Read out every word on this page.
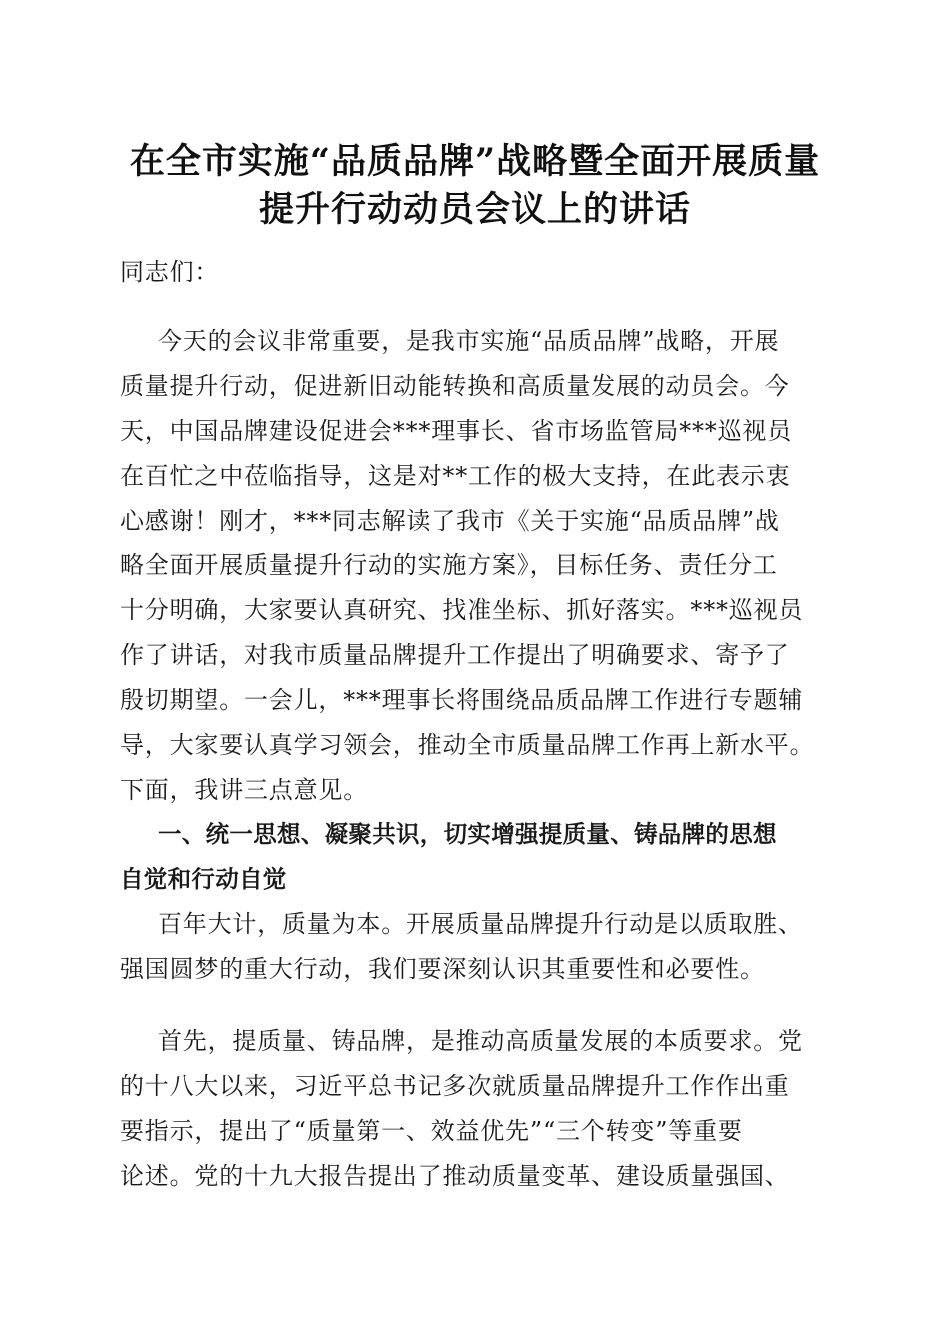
在全市实施“品质品牌”战略暨全面开展质量
提升行动动员会议上的讲话
同志们：
今天的会议非常重要，是我市实施“品质品牌”战略，开展
质量提升行动，促进新旧动能转换和高质量发展的动员会。今
天，中国品牌建设促进会***理事长、省市场监管局***巡视员
在百忙之中莅临指导，这是对**工作的极大支持，在此表示衷
心感谢！刚才，***同志解读了我市《关于实施“品质品牌”战
略全面开展质量提升行动的实施方案》，目标任务、责任分工
十分明确，大家要认真研究、找准坐标、抓好落实。***巡视员
作了讲话，对我市质量品牌提升工作提出了明确要求、寄予了
殷切期望。一会儿，***理事长将围绕品质品牌工作进行专题辅
导，大家要认真学习领会，推动全市质量品牌工作再上新水平。
下面，我讲三点意见。
一、统一思想、凝聚共识，切实增强提质量、铸品牌的思想
自觉和行动自觉
百年大计，质量为本。开展质量品牌提升行动是以质取胜、
强国圆梦的重大行动，我们要深刻认识其重要性和必要性。
首先，提质量、铸品牌，是推动高质量发展的本质要求。党
的十八大以来，习近平总书记多次就质量品牌提升工作作出重
要指示，提出了“质量第一、效益优先”“三个转变”等重要
论述。党的十九大报告提出了推动质量变革、建设质量强国、
